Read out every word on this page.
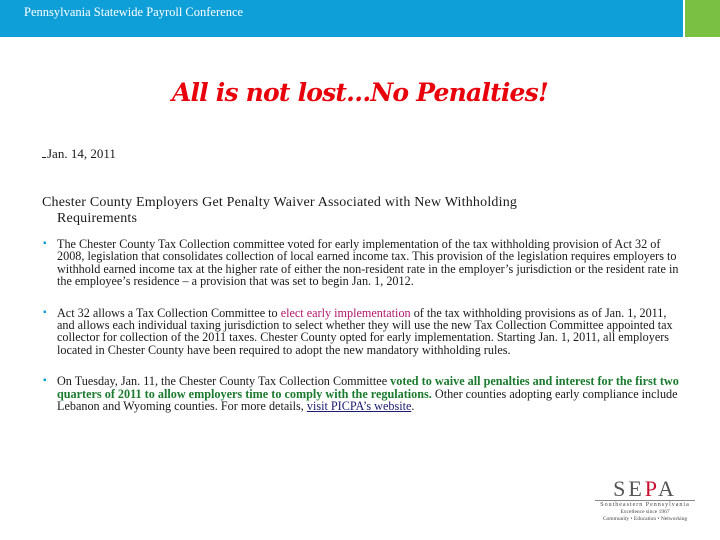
Pennsylvania Statewide Payroll Conference
All is not lost…No Penalties!
Jan. 14, 2011
Chester County Employers Get Penalty Waiver Associated with New Withholding
Requirements
▪ The Chester County Tax Collection committee voted for early implementation of the tax withholding provision of Act 32 of 2008, legislation that consolidates collection of local earned income tax. This provision of the legislation requires employers to withhold earned income tax at the higher rate of either the non-resident rate in the employer’s jurisdiction or the resident rate in the employee’s residence – a provision that was set to begin Jan. 1, 2012.
▪ Act 32 allows a Tax Collection Committee to elect early implementation of the tax withholding provisions as of Jan. 1, 2011, and allows each individual taxing jurisdiction to select whether they will use the new Tax Collection Committee appointed tax collector for collection of the 2011 taxes. Chester County opted for early implementation. Starting Jan. 1, 2011, all employers located in Chester County have been required to adopt the new mandatory withholding rules.
▪ On Tuesday, Jan. 11, the Chester County Tax Collection Committee voted to waive all penalties and interest for the first two quarters of 2011 to allow employers time to comply with the regulations. Other counties adopting early compliance include Lebanon and Wyoming counties. For more details, visit PICPA’s website.
SEPA
Southeastern Pennsylvania
Excellence since 1967
Community • Education • Networking
